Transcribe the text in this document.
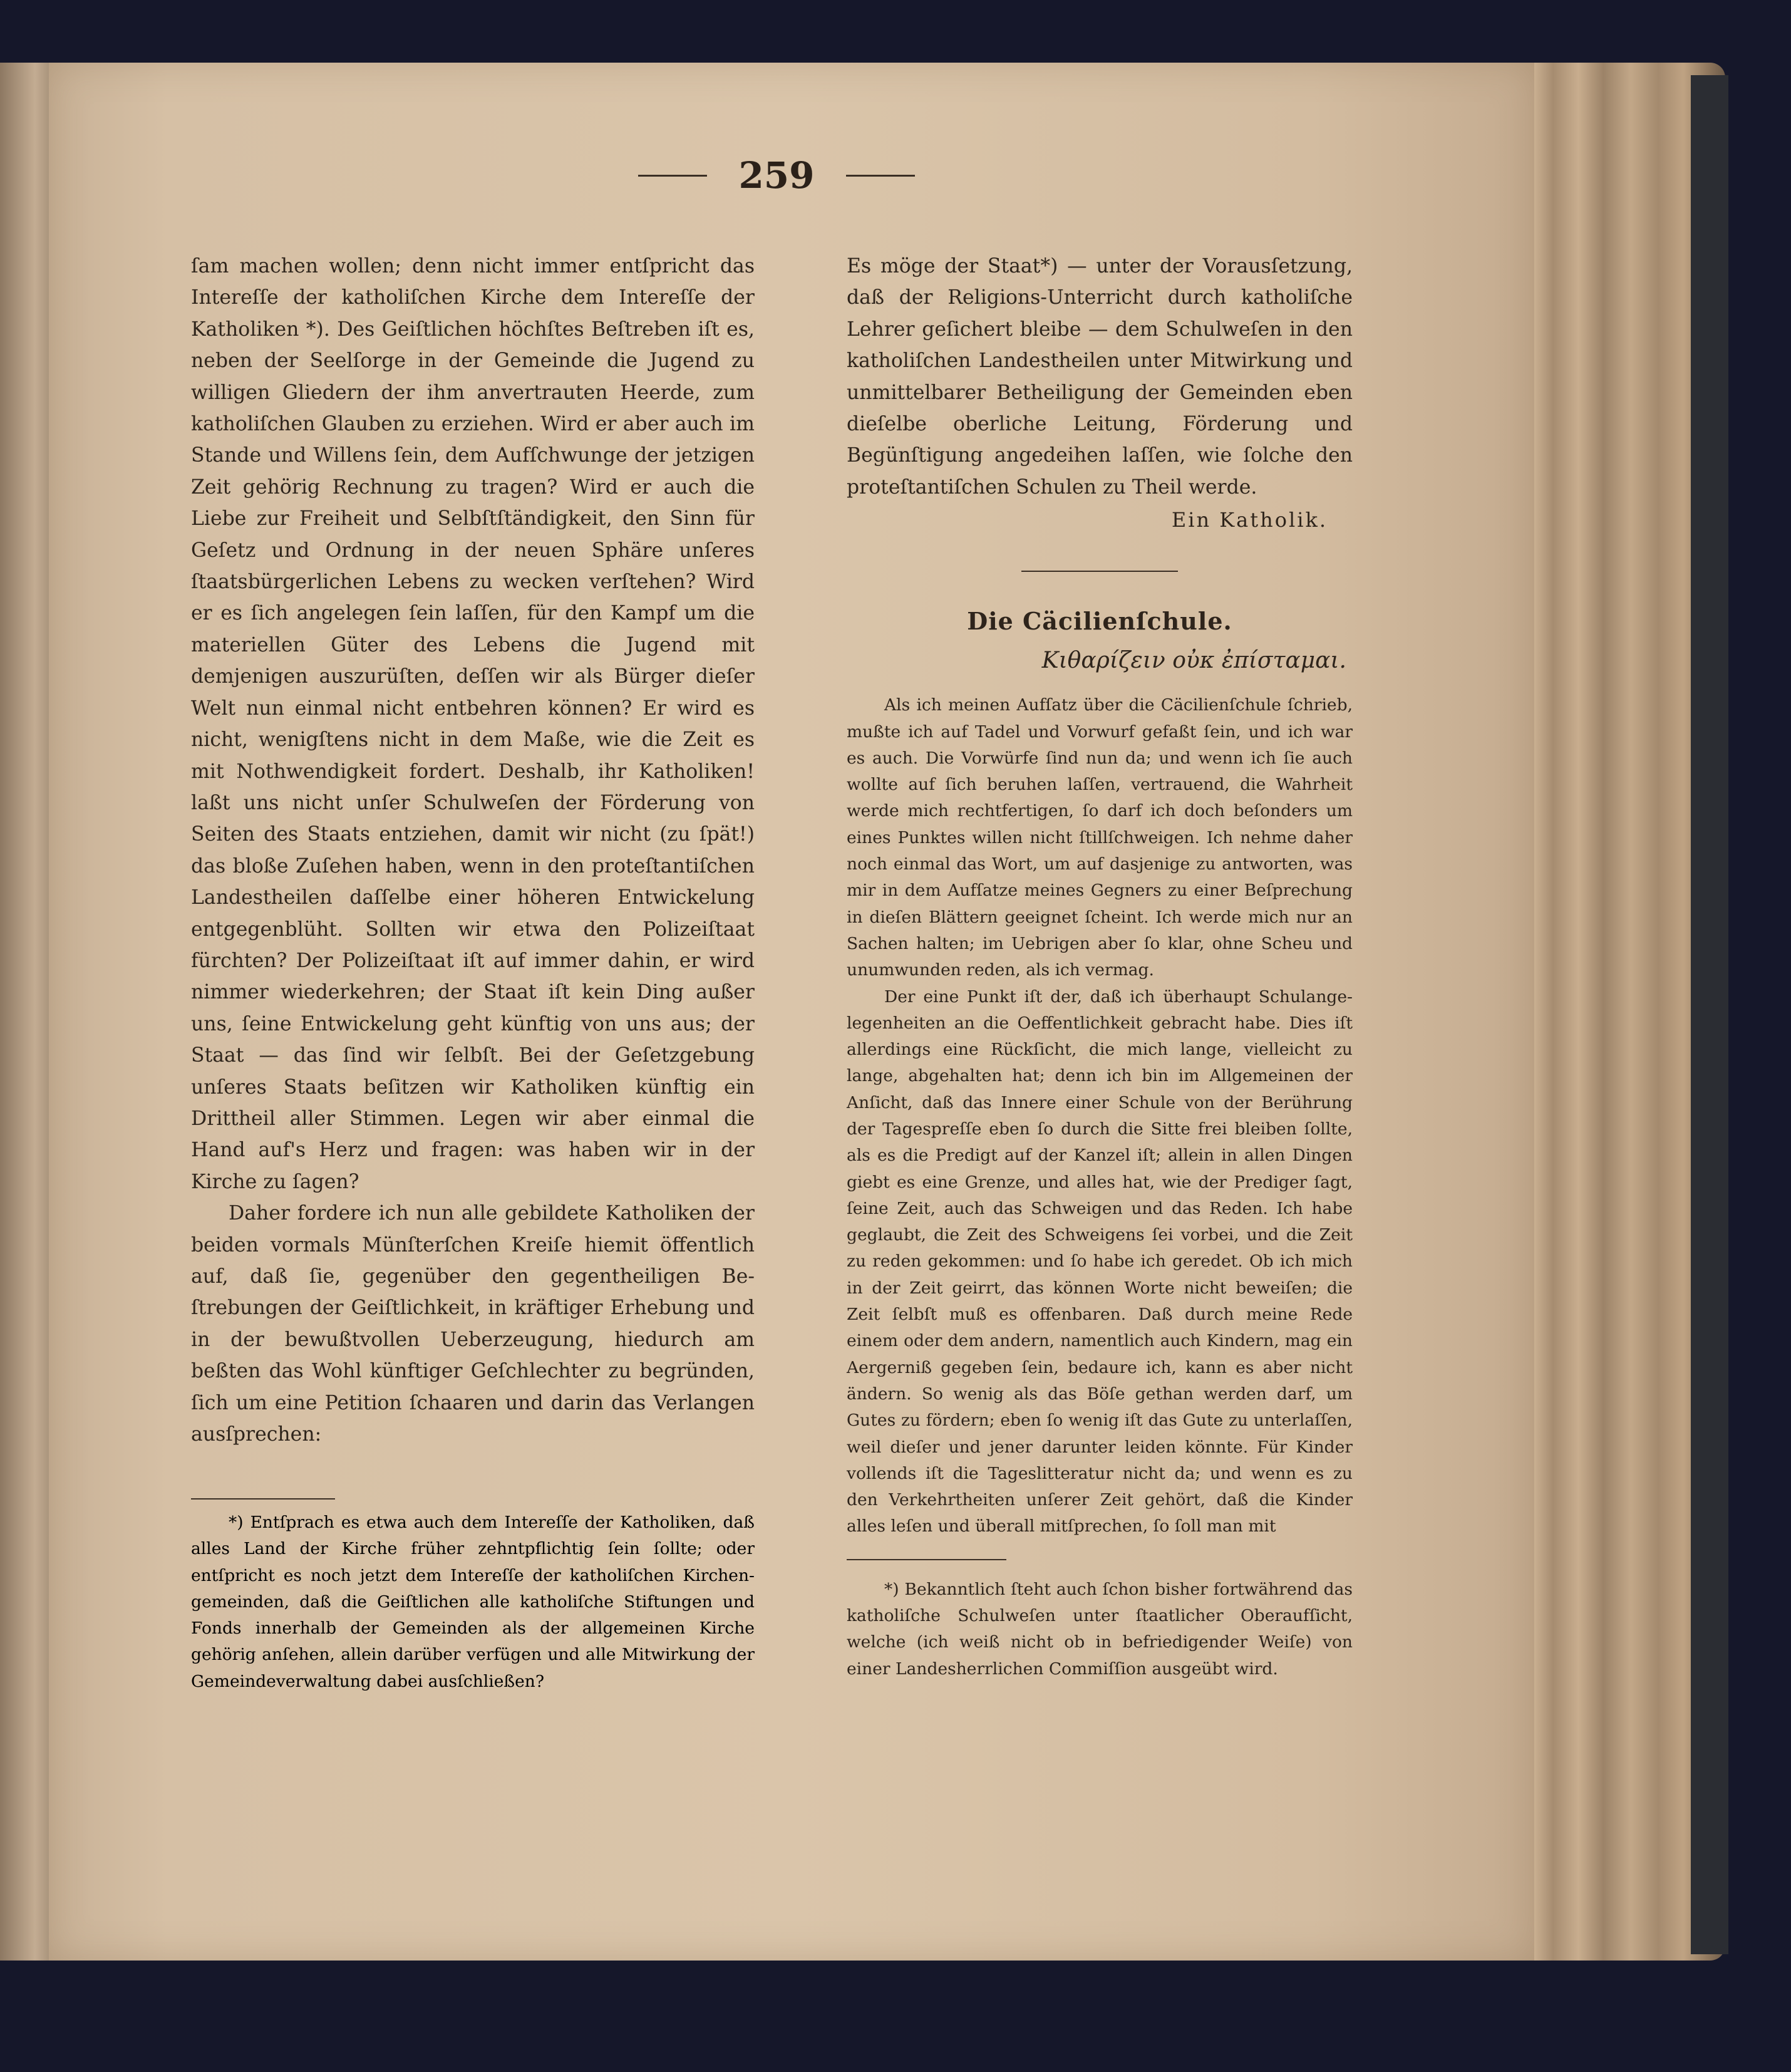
259

ſam machen wollen; denn nicht immer entſpricht das Intereſſe der katholiſchen Kirche dem Intereſſe der Katholiken *). Des Geiſtlichen höchſtes Beſtreben iſt es, neben der Seelſorge in der Gemeinde die Jugend zu willigen Gliedern der ihm anvertrauten Heerde, zum katholiſchen Glauben zu erziehen. Wird er aber auch im Stande und Willens ſein, dem Aufſchwunge der jetzigen Zeit gehörig Rechnung zu tragen? Wird er auch die Liebe zur Freiheit und Selbſtſtändigkeit, den Sinn für Geſetz und Ordnung in der neuen Sphäre unſeres ſtaatsbürgerlichen Lebens zu wecken verſtehen? Wird er es ſich angelegen ſein laſſen, für den Kampf um die materiellen Güter des Lebens die Jugend mit demjenigen auszurüſten, deſſen wir als Bürger dieſer Welt nun einmal nicht entbehren können? Er wird es nicht, wenigſtens nicht in dem Maße, wie die Zeit es mit Nothwendigkeit fordert. Deshalb, ihr Katholiken! laßt uns nicht unſer Schulweſen der Förderung von Seiten des Staats entziehen, damit wir nicht (zu ſpät!) das bloße Zuſehen haben, wenn in den proteſtantiſchen Landestheilen daſſelbe einer höheren Entwickelung entgegenblüht. Sollten wir etwa den Polizeiſtaat fürchten? Der Polizeiſtaat iſt auf immer dahin, er wird nimmer wiederkehren; der Staat iſt kein Ding außer uns, ſeine Entwickelung geht künftig von uns aus; der Staat — das ſind wir ſelbſt. Bei der Geſetzgebung unſeres Staats beſitzen wir Katholiken künftig ein Drittheil aller Stimmen. Legen wir aber einmal die Hand auf's Herz und fragen: was haben wir in der Kirche zu ſagen?

Daher fordere ich nun alle gebildete Katholiken der beiden vormals Münſterſchen Kreiſe hiemit öffentlich auf, daß ſie, gegenüber den gegentheiligen Beſtrebungen der Geiſtlichkeit, in kräftiger Erhebung und in der bewußtvollen Ueberzeugung, hiedurch am beßten das Wohl künftiger Geſchlechter zu begründen, ſich um eine Petition ſchaaren und darin das Verlangen ausſprechen:

*) Entſprach es etwa auch dem Intereſſe der Katholiken, daß alles Land der Kirche früher zehntpflichtig ſein ſollte; oder entſpricht es noch jetzt dem Intereſſe der katholiſchen Kirchengemeinden, daß die Geiſtlichen alle katholiſche Stiftungen und Fonds innerhalb der Gemeinden als der allgemeinen Kirche gehörig anſehen, allein darüber verfügen und alle Mitwirkung der Gemeindeverwaltung dabei ausſchließen?

Es möge der Staat*) — unter der Vorausſetzung, daß der Religions-Unterricht durch katholiſche Lehrer geſichert bleibe — dem Schulweſen in den katholiſchen Landestheilen unter Mitwirkung und unmittelbarer Betheiligung der Gemeinden eben dieſelbe oberliche Leitung, Förderung und Begünſtigung angedeihen laſſen, wie ſolche den proteſtantiſchen Schulen zu Theil werde.

Ein Katholik.
Die Cäcilienſchule.
Κιθαρίζειν οὐκ ἐπίσταμαι.

Als ich meinen Aufſatz über die Cäcilienſchule ſchrieb, mußte ich auf Tadel und Vorwurf gefaßt ſein, und ich war es auch. Die Vorwürfe ſind nun da; und wenn ich ſie auch wollte auf ſich beruhen laſſen, vertrauend, die Wahrheit werde mich rechtfertigen, ſo darf ich doch beſonders um eines Punktes willen nicht ſtillſchweigen. Ich nehme daher noch einmal das Wort, um auf dasjenige zu antworten, was mir in dem Aufſatze meines Gegners zu einer Beſprechung in dieſen Blättern geeignet ſcheint. Ich werde mich nur an Sachen halten; im Uebrigen aber ſo klar, ohne Scheu und unumwunden reden, als ich vermag.

Der eine Punkt iſt der, daß ich überhaupt Schulangelegenheiten an die Oeffentlichkeit gebracht habe. Dies iſt allerdings eine Rückſicht, die mich lange, vielleicht zu lange, abgehalten hat; denn ich bin im Allgemeinen der Anſicht, daß das Innere einer Schule von der Berührung der Tagespreſſe eben ſo durch die Sitte frei bleiben ſollte, als es die Predigt auf der Kanzel iſt; allein in allen Dingen giebt es eine Grenze, und alles hat, wie der Prediger ſagt, ſeine Zeit, auch das Schweigen und das Reden. Ich habe geglaubt, die Zeit des Schweigens ſei vorbei, und die Zeit zu reden gekommen: und ſo habe ich geredet. Ob ich mich in der Zeit geirrt, das können Worte nicht beweiſen; die Zeit ſelbſt muß es offenbaren. Daß durch meine Rede einem oder dem andern, namentlich auch Kindern, mag ein Aergerniß gegeben ſein, bedaure ich, kann es aber nicht ändern. So wenig als das Böſe gethan werden darf, um Gutes zu fördern; eben ſo wenig iſt das Gute zu unterlaſſen, weil dieſer und jener darunter leiden könnte. Für Kinder vollends iſt die Tageslitteratur nicht da; und wenn es zu den Verkehrtheiten unſerer Zeit gehört, daß die Kinder alles leſen und überall mitſprechen, ſo ſoll man mit

*) Bekanntlich ſteht auch ſchon bisher fortwährend das katholiſche Schulweſen unter ſtaatlicher Oberaufſicht, welche (ich weiß nicht ob in befriedigender Weiſe) von einer Landesherrlichen Commiſſion ausgeübt wird.
